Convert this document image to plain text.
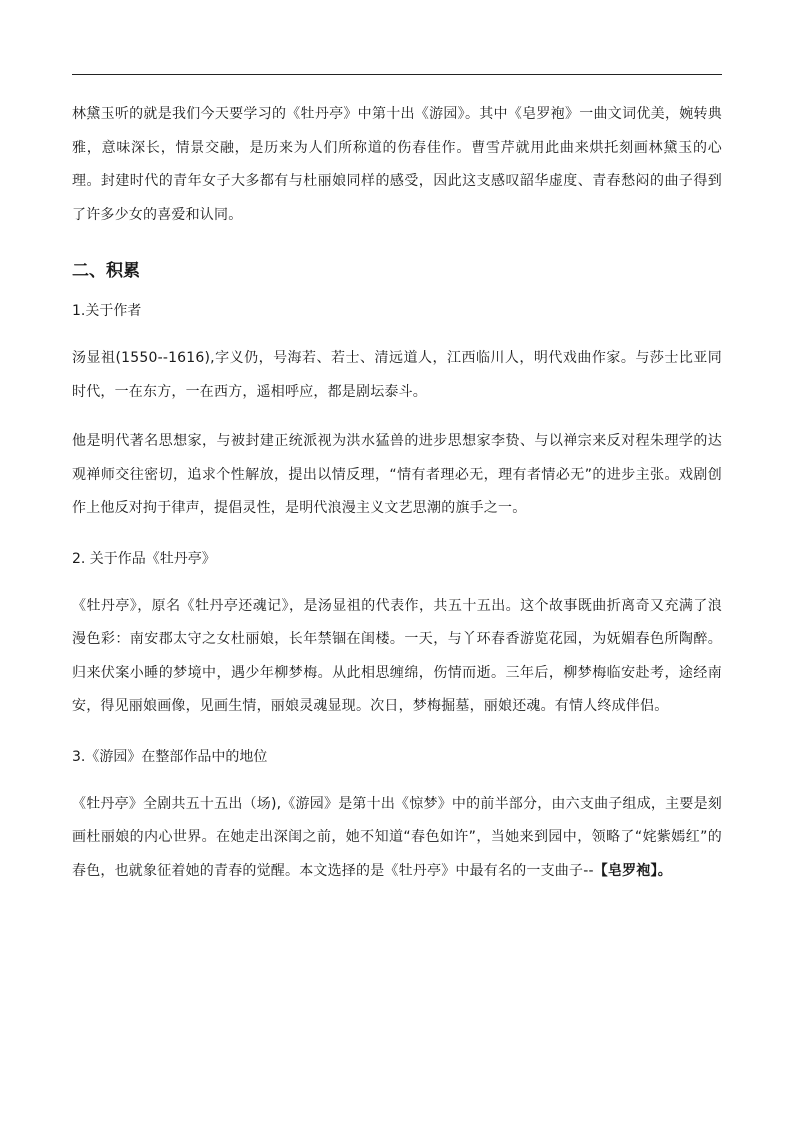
林黛玉听的就是我们今天要学习的《牡丹亭》中第十出《游园》。其中《皂罗袍》一曲文词优美，婉转典雅，意味深长，情景交融，是历来为人们所称道的伤春佳作。曹雪芹就用此曲来烘托刻画林黛玉的心理。封建时代的青年女子大多都有与杜丽娘同样的感受，因此这支感叹韶华虚度、青春愁闷的曲子得到了许多少女的喜爱和认同。

二、积累
1.关于作者

汤显祖(1550--1616),字义仍，号海若、若士、清远道人，江西临川人，明代戏曲作家。与莎士比亚同时代，一在东方，一在西方，遥相呼应，都是剧坛泰斗。

他是明代著名思想家，与被封建正统派视为洪水猛兽的进步思想家李贽、与以禅宗来反对程朱理学的达观禅师交往密切，追求个性解放，提出以情反理，“情有者理必无，理有者情必无”的进步主张。戏剧创作上他反对拘于律声，提倡灵性，是明代浪漫主义文艺思潮的旗手之一。

2. 关于作品《牡丹亭》

《牡丹亭》，原名《牡丹亭还魂记》，是汤显祖的代表作，共五十五出。这个故事既曲折离奇又充满了浪漫色彩：南安郡太守之女杜丽娘，长年禁锢在闺楼。一天，与丫环春香游览花园，为妩媚春色所陶醉。归来伏案小睡的梦境中，遇少年柳梦梅。从此相思缠绵，伤情而逝。三年后，柳梦梅临安赴考，途经南安，得见丽娘画像，见画生情，丽娘灵魂显现。次日，梦梅掘墓，丽娘还魂。有情人终成伴侣。

3.《游园》在整部作品中的地位

《牡丹亭》全剧共五十五出（场),《游园》是第十出《惊梦》中的前半部分，由六支曲子组成，主要是刻画杜丽娘的内心世界。在她走出深闺之前，她不知道“春色如许”，当她来到园中，领略了“姹紫嫣红”的春色，也就象征着她的青春的觉醒。本文选择的是《牡丹亭》中最有名的一支曲子--【皂罗袍】。
